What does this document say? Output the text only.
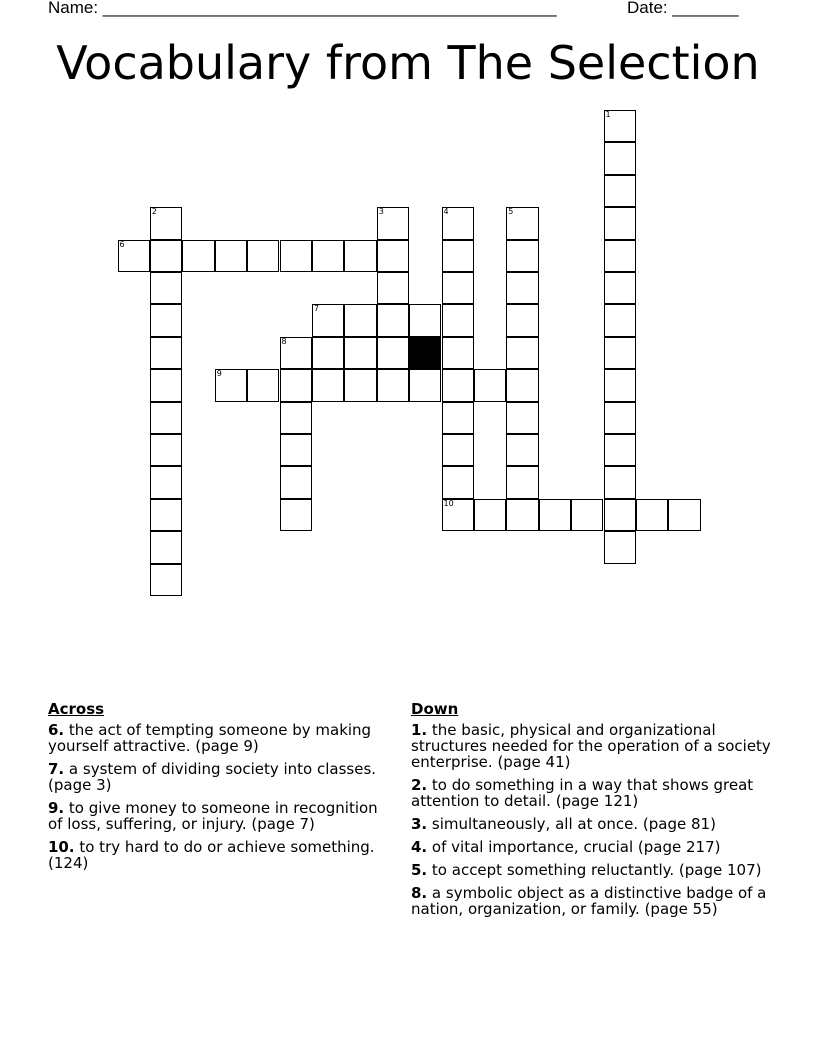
Name: ________________________________________________	Date: _______
Vocabulary from The Selection
1
2	3	4	5
6
7
8
9
10
Across
6. the act of tempting someone by making yourself attractive. (page 9)
7. a system of dividing society into classes. (page 3)
9. to give money to someone in recognition of loss, suffering, or injury. (page 7)
10. to try hard to do or achieve something. (124)
Down
1. the basic, physical and organizational structures needed for the operation of a society enterprise. (page 41)
2. to do something in a way that shows great attention to detail. (page 121)
3. simultaneously, all at once. (page 81)
4. of vital importance, crucial (page 217)
5. to accept something reluctantly. (page 107)
8. a symbolic object as a distinctive badge of a nation, organization, or family. (page 55)
